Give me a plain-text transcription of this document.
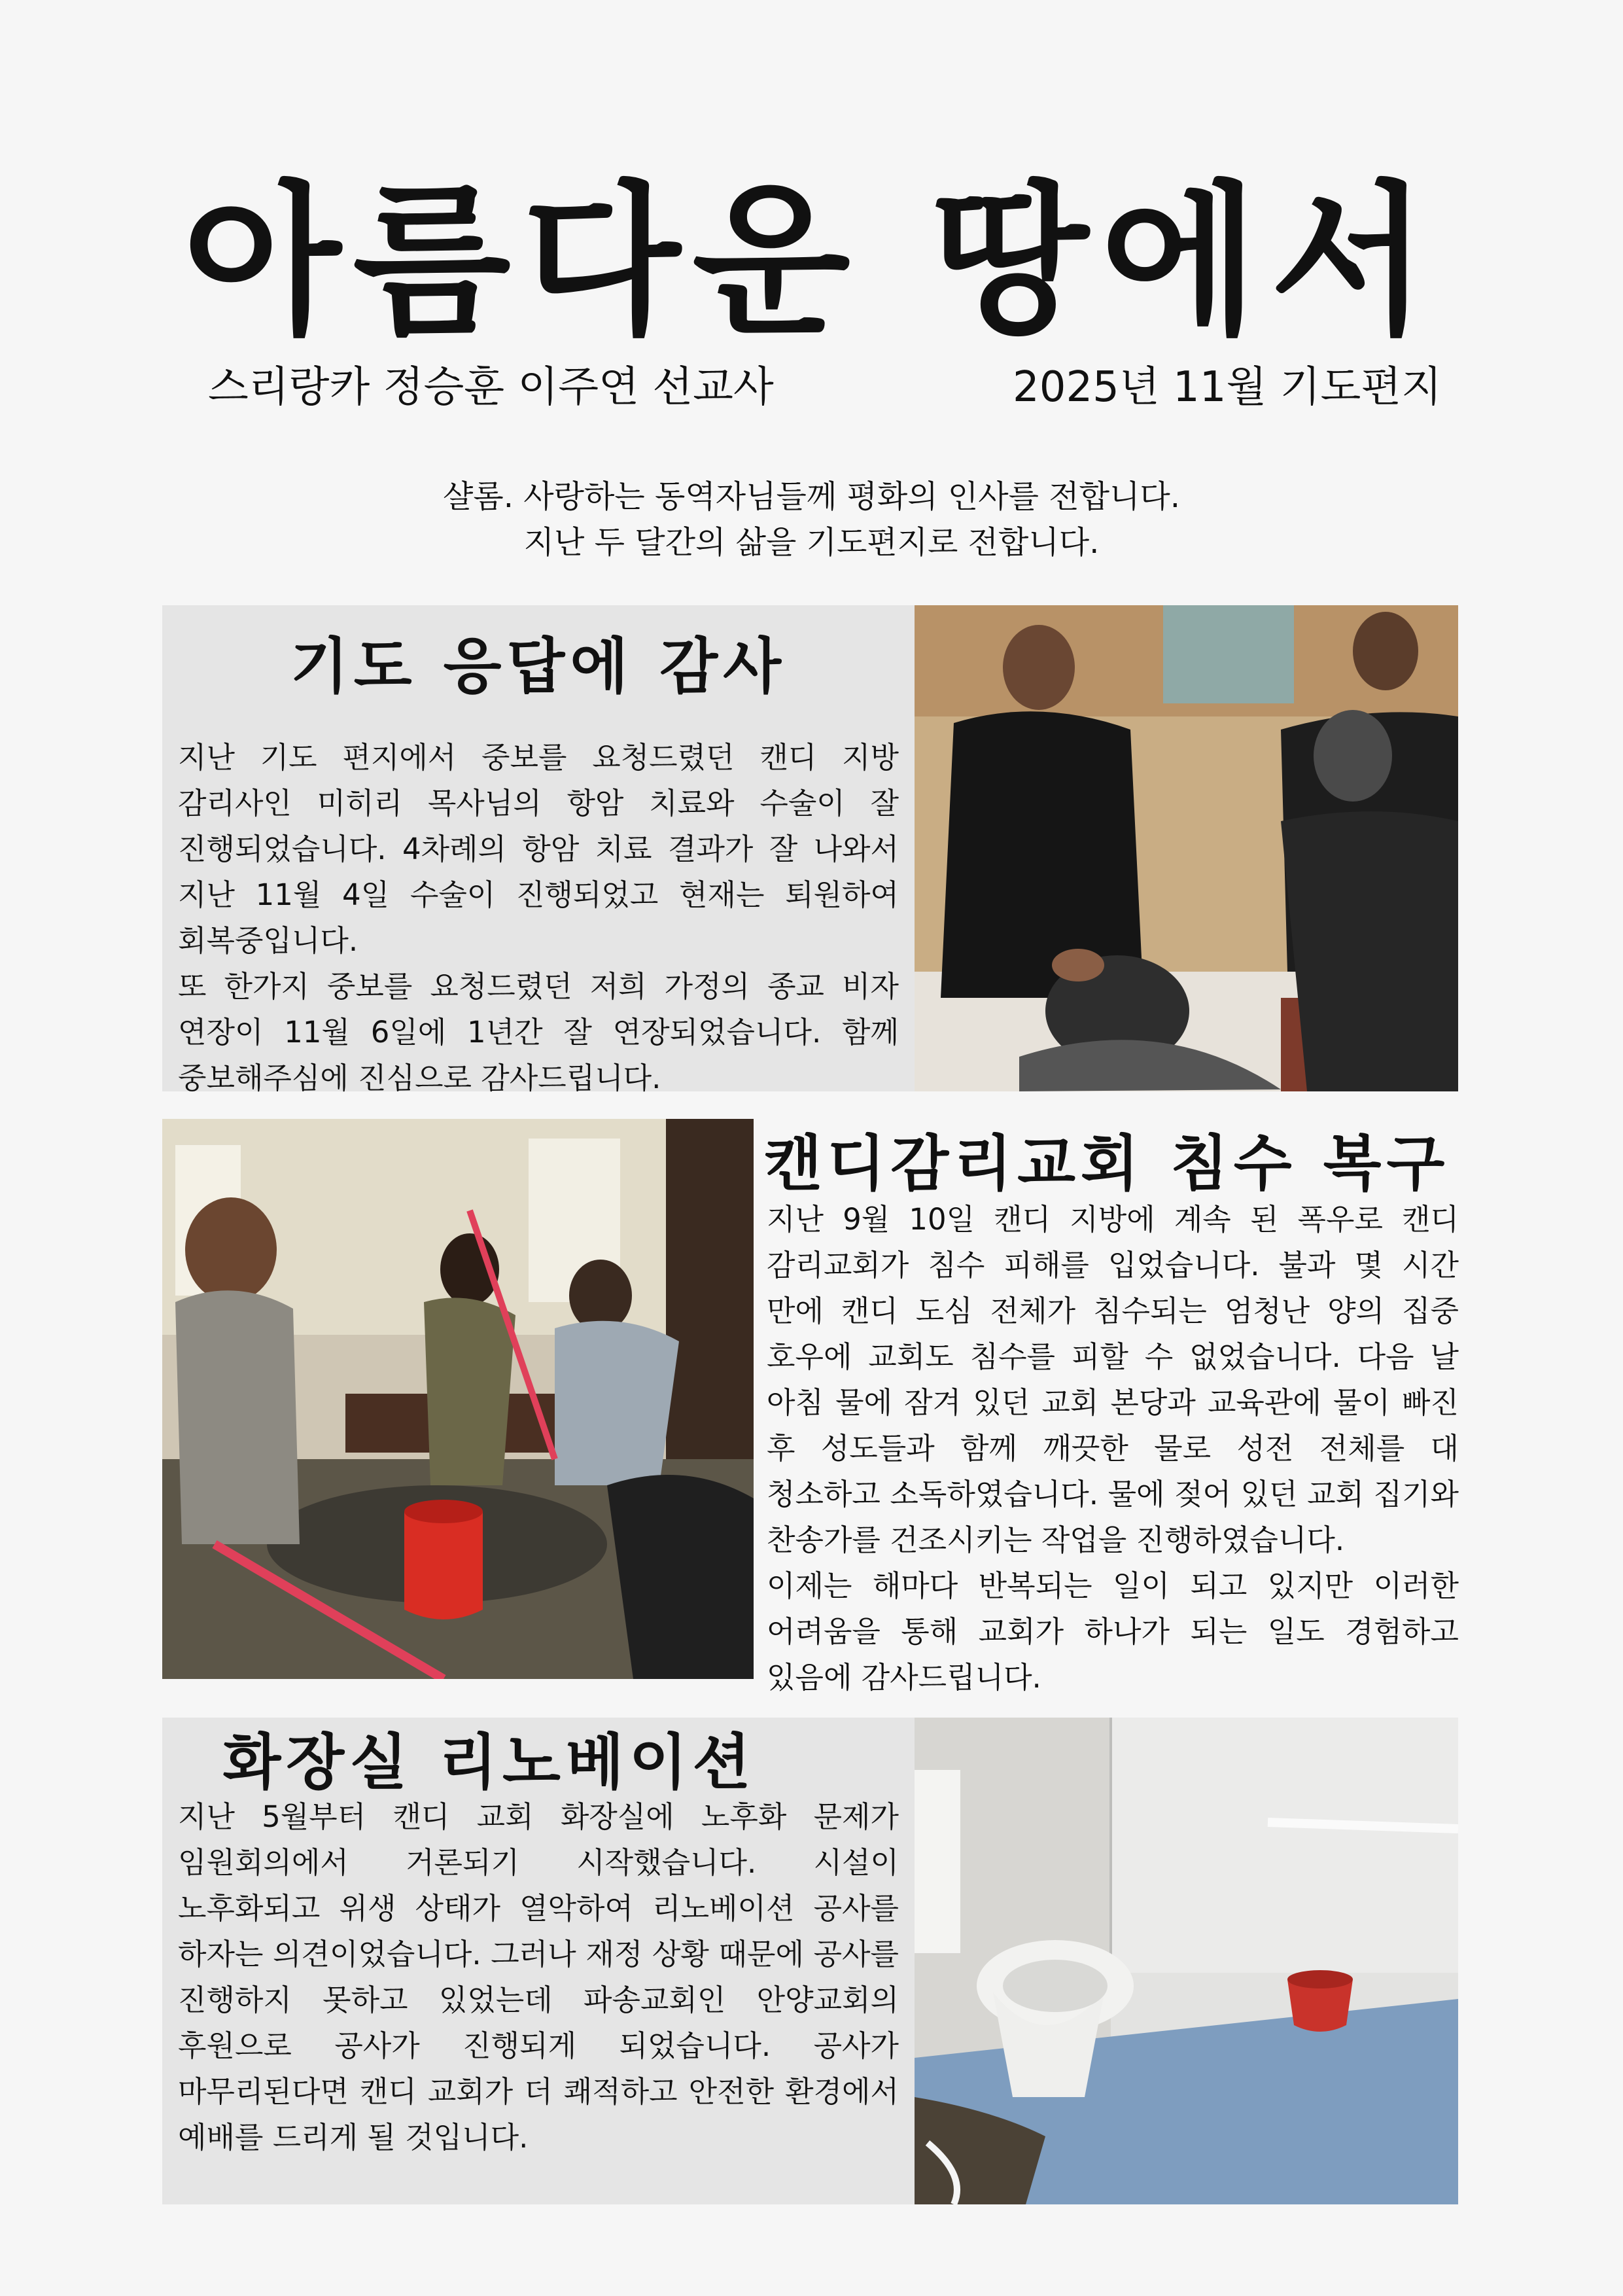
아름다운 땅에서
스리랑카 정승훈 이주연 선교사	2025년 11월 기도편지
샬롬. 사랑하는 동역자님들께 평화의 인사를 전합니다.
지난 두 달간의 삶을 기도편지로 전합니다.
기도 응답에 감사

지난 기도 편지에서 중보를 요청드렸던 캔디 지방 감리사인 미히리 목사님의 항암 치료와 수술이 잘 진행되었습니다. 4차례의 항암 치료 결과가 잘 나와서 지난 11월 4일 수술이 진행되었고 현재는 퇴원하여 회복중입니다.

또 한가지 중보를 요청드렸던 저희 가정의 종교 비자 연장이 11월 6일에 1년간 잘 연장되었습니다. 함께 중보해주심에 진심으로 감사드립니다.

캔디감리교회 침수 복구

지난 9월 10일 캔디 지방에 계속 된 폭우로 캔디 감리교회가 침수 피해를 입었습니다. 불과 몇 시간 만에 캔디 도심 전체가 침수되는 엄청난 양의 집중 호우에 교회도 침수를 피할 수 없었습니다. 다음 날 아침 물에 잠겨 있던 교회 본당과 교육관에 물이 빠진 후 성도들과 함께 깨끗한 물로 성전 전체를 대 청소하고 소독하였습니다. 물에 젖어 있던 교회 집기와 찬송가를 건조시키는 작업을 진행하였습니다.

이제는 해마다 반복되는 일이 되고 있지만 이러한 어려움을 통해 교회가 하나가 되는 일도 경험하고 있음에 감사드립니다.

화장실 리노베이션

지난 5월부터 캔디 교회 화장실에 노후화 문제가 임원회의에서 거론되기 시작했습니다. 시설이 노후화되고 위생 상태가 열악하여 리노베이션 공사를 하자는 의견이었습니다. 그러나 재정 상황 때문에 공사를 진행하지 못하고 있었는데 파송교회인 안양교회의 후원으로 공사가 진행되게 되었습니다. 공사가 마무리된다면 캔디 교회가 더 쾌적하고 안전한 환경에서 예배를 드리게 될 것입니다.
